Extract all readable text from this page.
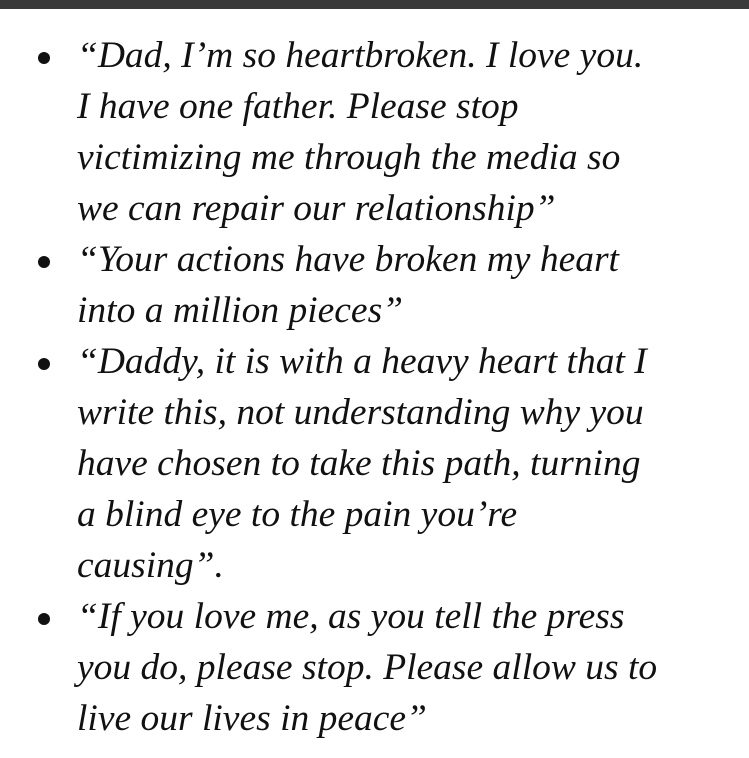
“Dad, I’m so heartbroken. I love you.
I have one father. Please stop
victimizing me through the media so
we can repair our relationship”

“Your actions have broken my heart
into a million pieces”

“Daddy, it is with a heavy heart that I
write this, not understanding why you
have chosen to take this path, turning
a blind eye to the pain you’re
causing”.

“If you love me, as you tell the press
you do, please stop. Please allow us to
live our lives in peace”
